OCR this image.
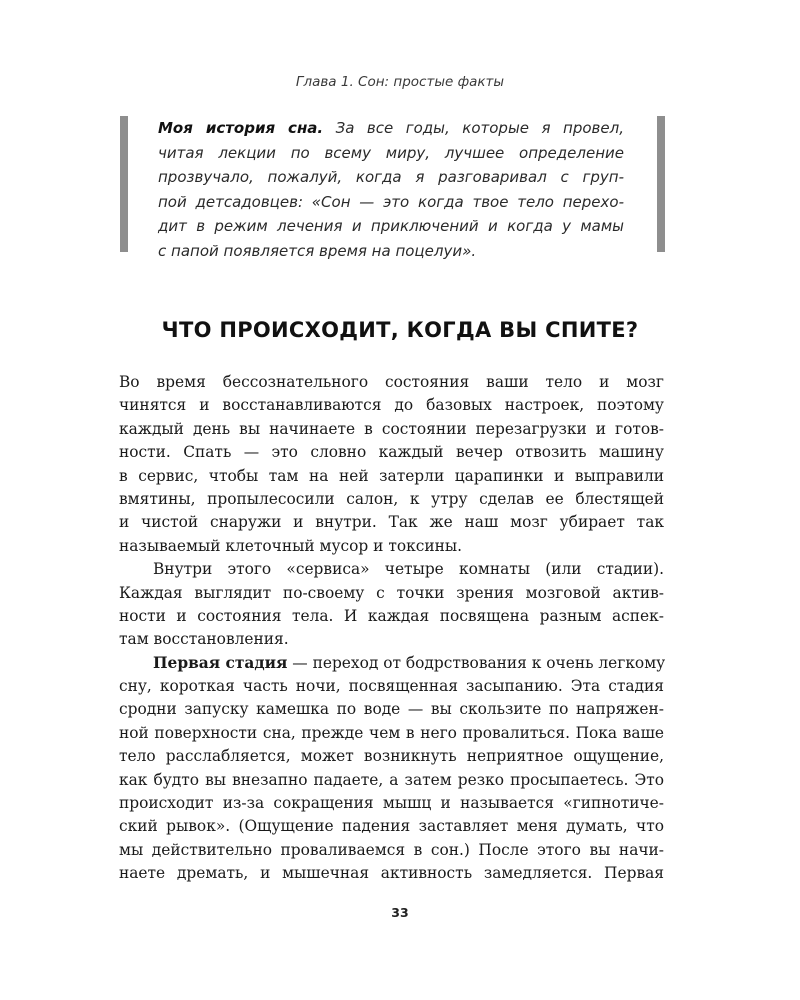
Глава 1. Сон: простые факты
Моя история сна. За все годы, которые я провел,
читая лекции по всему миру, лучшее определение
прозвучало, пожалуй, когда я разговаривал с груп-
пой детсадовцев: «Сон — это когда твое тело перехо-
дит в режим лечения и приключений и когда у мамы
с папой появляется время на поцелуи».
ЧТО ПРОИСХОДИТ, КОГДА ВЫ СПИТЕ?
Во время бессознательного состояния ваши тело и мозг
чинятся и восстанавливаются до базовых настроек, поэтому
каждый день вы начинаете в состоянии перезагрузки и готов-
ности. Спать — это словно каждый вечер отвозить машину
в сервис, чтобы там на ней затерли царапинки и выправили
вмятины, пропылесосили салон, к утру сделав ее блестящей
и чистой снаружи и внутри. Так же наш мозг убирает так
называемый клеточный мусор и токсины.
Внутри этого «сервиса» четыре комнаты (или стадии).
Каждая выглядит по-своему с точки зрения мозговой актив-
ности и состояния тела. И каждая посвящена разным аспек-
там восстановления.
Первая стадия — переход от бодрствования к очень легкому
сну, короткая часть ночи, посвященная засыпанию. Эта стадия
сродни запуску камешка по воде — вы скользите по напряжен-
ной поверхности сна, прежде чем в него провалиться. Пока ваше
тело расслабляется, может возникнуть неприятное ощущение,
как будто вы внезапно падаете, а затем резко просыпаетесь. Это
происходит из-за сокращения мышц и называется «гипнотиче-
ский рывок». (Ощущение падения заставляет меня думать, что
мы действительно проваливаемся в сон.) После этого вы начи-
наете дремать, и мышечная активность замедляется. Первая
33
